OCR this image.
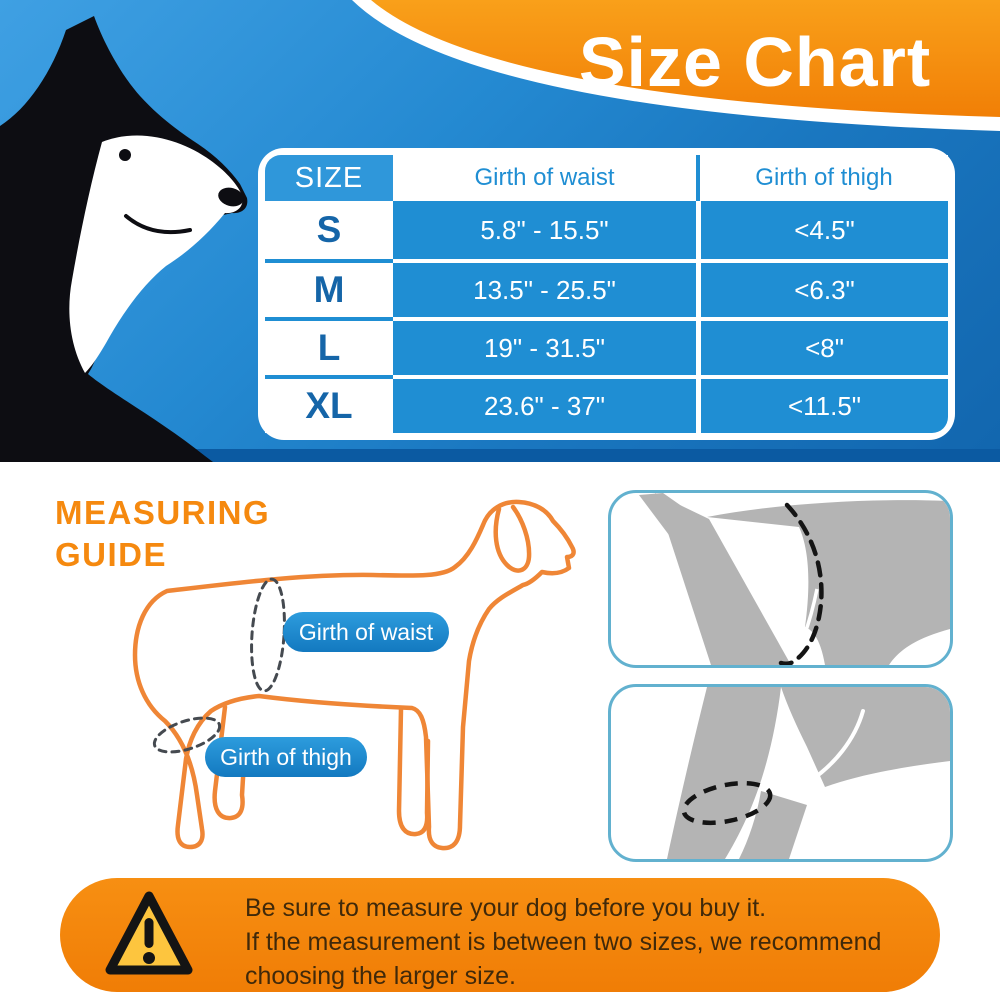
Size Chart
SIZE	Girth of waist	Girth of thigh
S	5.8" - 15.5"	<4.5"
M	13.5" - 25.5"	<6.3"
L	19" - 31.5"	<8"
XL	23.6" - 37"	<11.5"
MEASURING
GUIDE
Girth of waist
Girth of thigh
Be sure to measure your dog before you buy it.
If the measurement is between two sizes, we recommend
choosing the larger size.
